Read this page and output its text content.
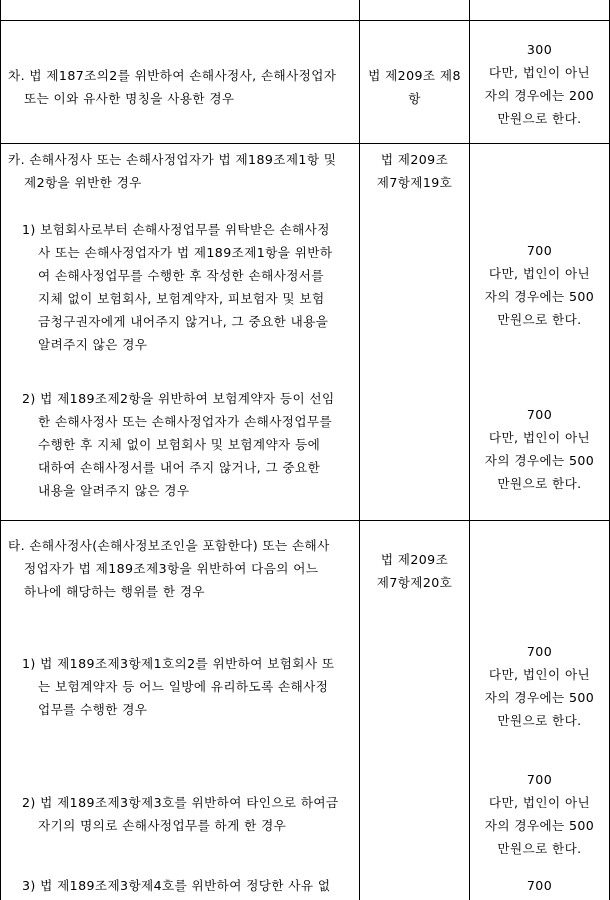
차. 법 제187조의2를 위반하여 손해사정사, 손해사정업자
또는 이와 유사한 명칭을 사용한 경우
법 제209조 제8
항
300
다만, 법인이 아닌
자의 경우에는 200
만원으로 한다.
카. 손해사정사 또는 손해사정업자가 법 제189조제1항 및
제2항을 위반한 경우
법 제209조
제7항제19호
1) 보험회사로부터 손해사정업무를 위탁받은 손해사정
사 또는 손해사정업자가 법 제189조제1항을 위반하
여 손해사정업무를 수행한 후 작성한 손해사정서를
지체 없이 보험회사, 보험계약자, 피보험자 및 보험
금청구권자에게 내어주지 않거나, 그 중요한 내용을
알려주지 않은 경우
700
다만, 법인이 아닌
자의 경우에는 500
만원으로 한다.
2) 법 제189조제2항을 위반하여 보험계약자 등이 선임
한 손해사정사 또는 손해사정업자가 손해사정업무를
수행한 후 지체 없이 보험회사 및 보험계약자 등에
대하여 손해사정서를 내어 주지 않거나, 그 중요한
내용을 알려주지 않은 경우
700
다만, 법인이 아닌
자의 경우에는 500
만원으로 한다.
타. 손해사정사(손해사정보조인을 포함한다) 또는 손해사
정업자가 법 제189조제3항을 위반하여 다음의 어느
하나에 해당하는 행위를 한 경우
법 제209조
제7항제20호
1) 법 제189조제3항제1호의2를 위반하여 보험회사 또
는 보험계약자 등 어느 일방에 유리하도록 손해사정
업무를 수행한 경우
700
다만, 법인이 아닌
자의 경우에는 500
만원으로 한다.
2) 법 제189조제3항제3호를 위반하여 타인으로 하여금
자기의 명의로 손해사정업무를 하게 한 경우
700
다만, 법인이 아닌
자의 경우에는 500
만원으로 한다.
3) 법 제189조제3항제4호를 위반하여 정당한 사유 없	700
